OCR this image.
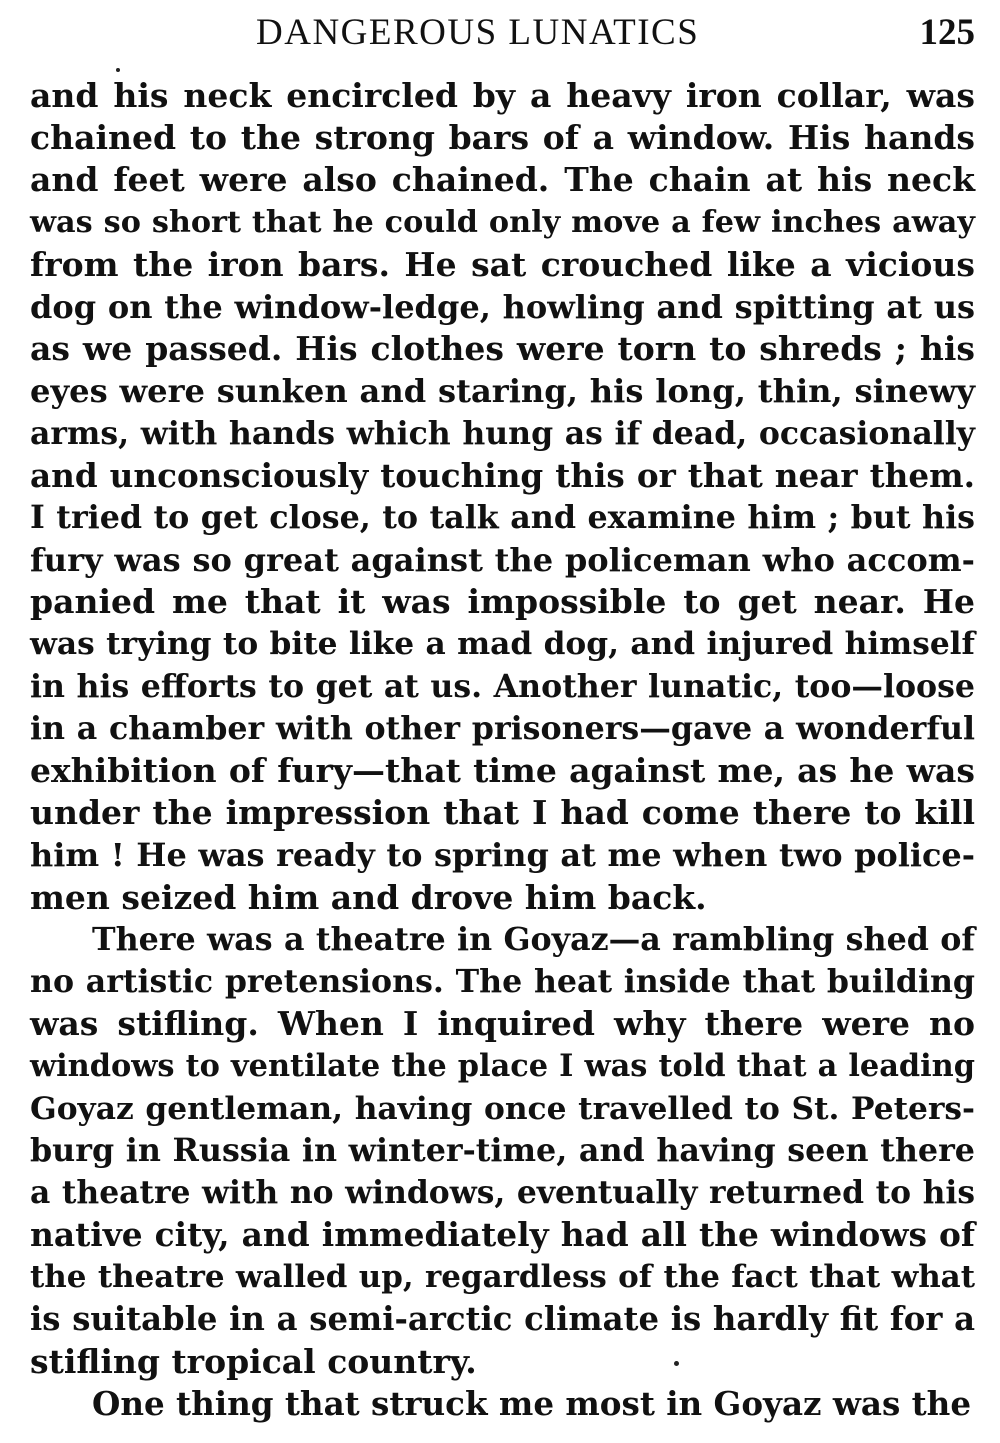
DANGEROUS LUNATICS	125
and his neck encircled by a heavy iron collar, was
chained to the strong bars of a window. His hands
and feet were also chained. The chain at his neck
was so short that he could only move a few inches away
from the iron bars. He sat crouched like a vicious
dog on the window-ledge, howling and spitting at us
as we passed. His clothes were torn to shreds ; his
eyes were sunken and staring, his long, thin, sinewy
arms, with hands which hung as if dead, occasionally
and unconsciously touching this or that near them.
I tried to get close, to talk and examine him ; but his
fury was so great against the policeman who accom-
panied me that it was impossible to get near. He
was trying to bite like a mad dog, and injured himself
in his efforts to get at us. Another lunatic, too—loose
in a chamber with other prisoners—gave a wonderful
exhibition of fury—that time against me, as he was
under the impression that I had come there to kill
him ! He was ready to spring at me when two police-
men seized him and drove him back.
There was a theatre in Goyaz—a rambling shed of
no artistic pretensions. The heat inside that building
was stifling. When I inquired why there were no
windows to ventilate the place I was told that a leading
Goyaz gentleman, having once travelled to St. Peters-
burg in Russia in winter-time, and having seen there
a theatre with no windows, eventually returned to his
native city, and immediately had all the windows of
the theatre walled up, regardless of the fact that what
is suitable in a semi-arctic climate is hardly fit for a
stifling tropical country.
One thing that struck me most in Goyaz was the
